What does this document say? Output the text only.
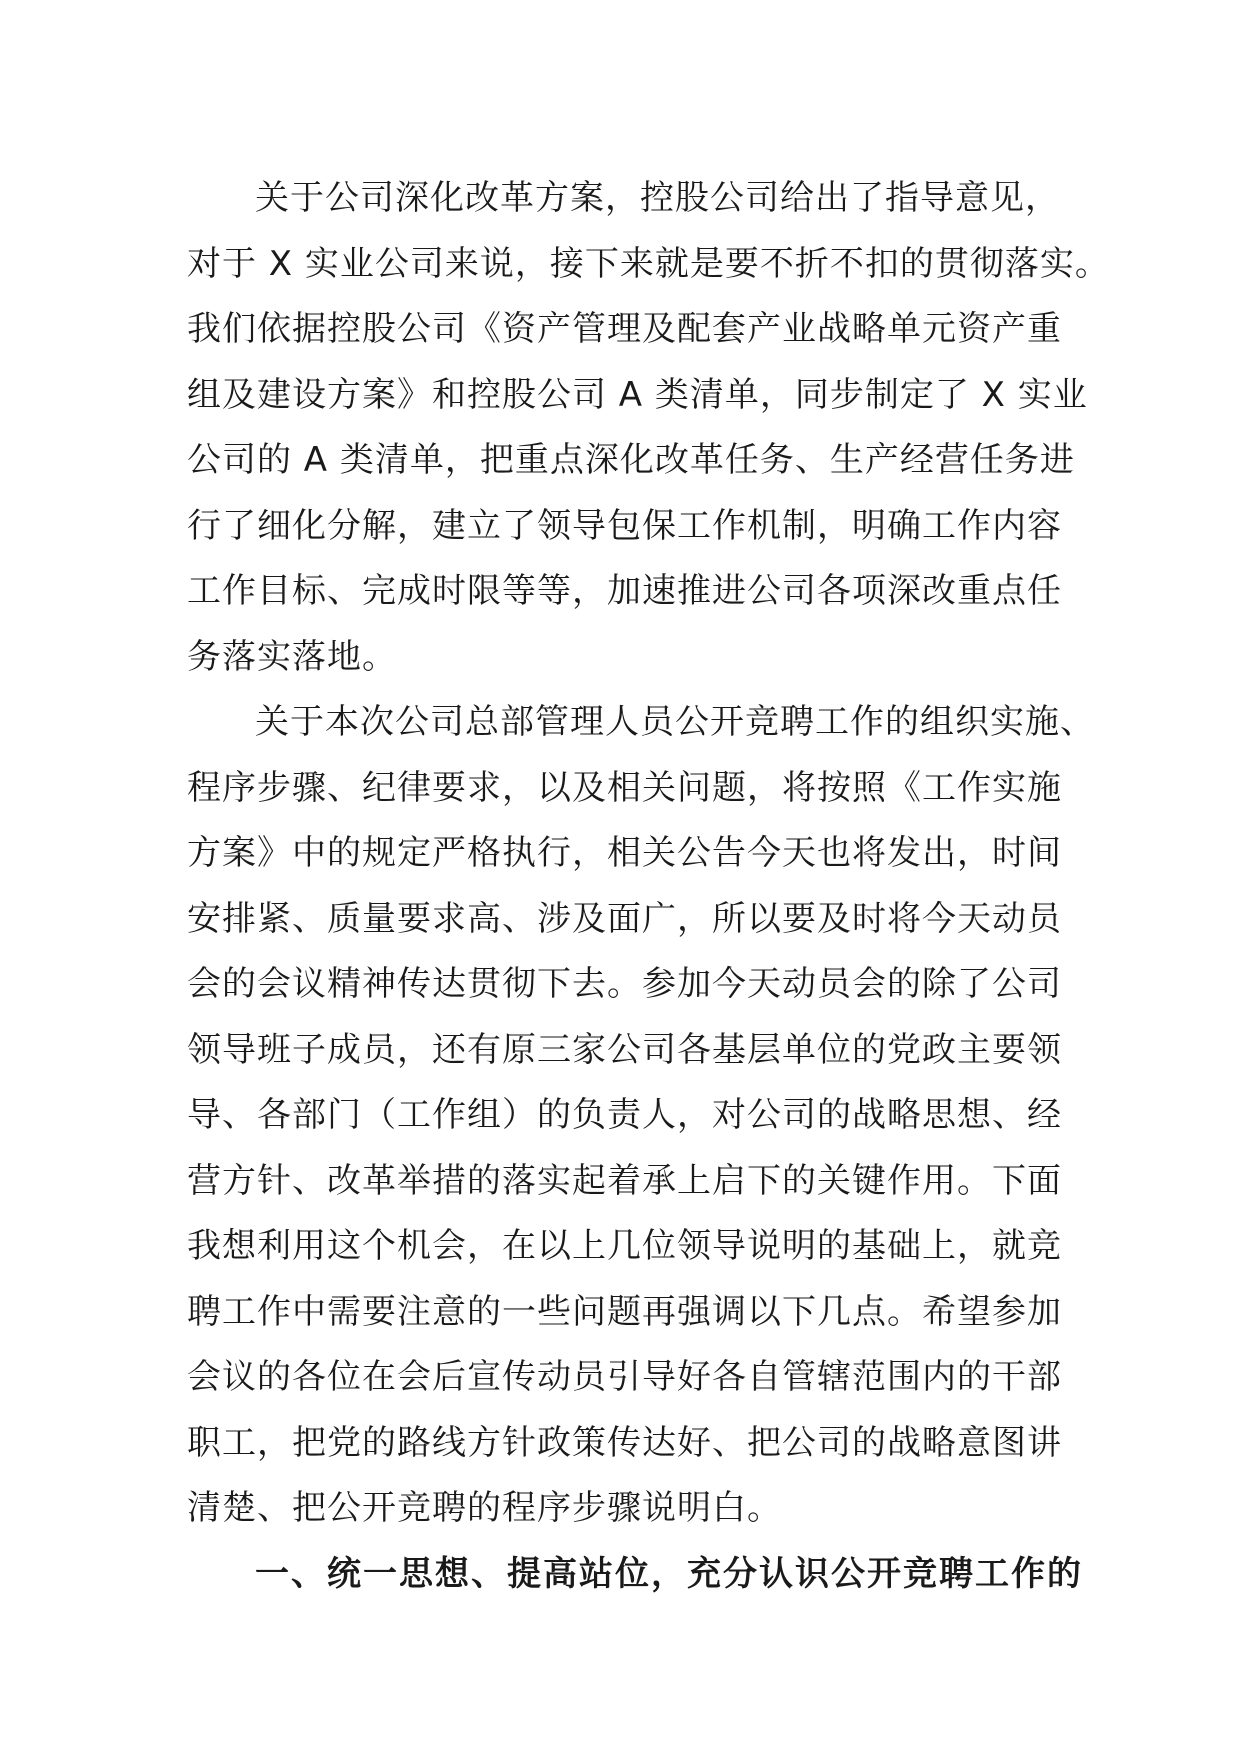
关于公司深化改革方案，控股公司给出了指导意见，
对于 X 实业公司来说，接下来就是要不折不扣的贯彻落实。
我们依据控股公司《资产管理及配套产业战略单元资产重
组及建设方案》和控股公司 A 类清单，同步制定了 X 实业
公司的 A 类清单，把重点深化改革任务、生产经营任务进
行了细化分解，建立了领导包保工作机制，明确工作内容
工作目标、完成时限等等，加速推进公司各项深改重点任
务落实落地。
关于本次公司总部管理人员公开竞聘工作的组织实施、
程序步骤、纪律要求，以及相关问题，将按照《工作实施
方案》中的规定严格执行，相关公告今天也将发出，时间
安排紧、质量要求高、涉及面广，所以要及时将今天动员
会的会议精神传达贯彻下去。参加今天动员会的除了公司
领导班子成员，还有原三家公司各基层单位的党政主要领
导、各部门（工作组）的负责人，对公司的战略思想、经
营方针、改革举措的落实起着承上启下的关键作用。下面
我想利用这个机会，在以上几位领导说明的基础上，就竞
聘工作中需要注意的一些问题再强调以下几点。希望参加
会议的各位在会后宣传动员引导好各自管辖范围内的干部
职工，把党的路线方针政策传达好、把公司的战略意图讲
清楚、把公开竞聘的程序步骤说明白。
一、统一思想、提高站位，充分认识公开竞聘工作的
